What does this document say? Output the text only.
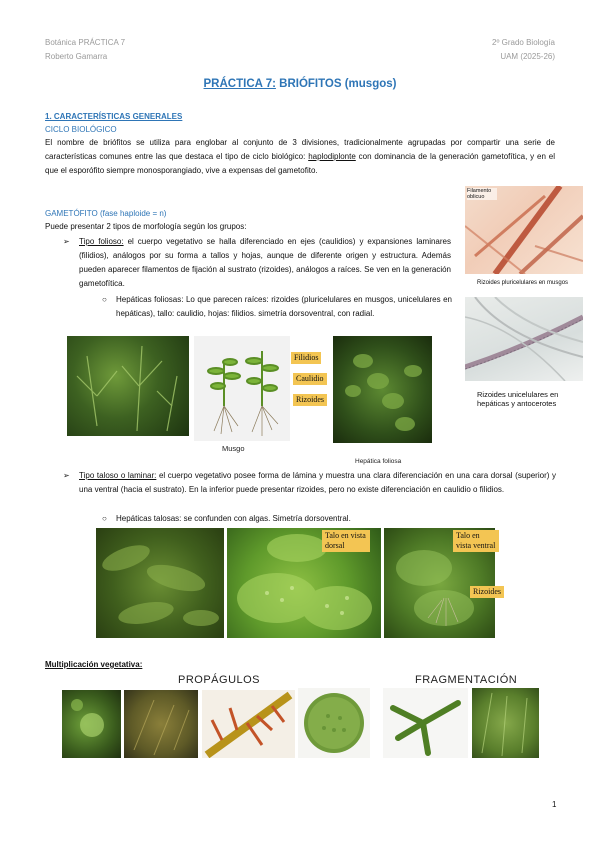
Botánica PRÁCTICA 7
Roberto Gamarra
2º Grado Biología
UAM (2025-26)
PRÁCTICA 7: BRIÓFITOS (musgos)
1. CARACTERÍSTICAS GENERALES
CICLO BIOLÓGICO
El nombre de briófitos se utiliza para englobar al conjunto de 3 divisiones, tradicionalmente agrupadas por compartir una serie de características comunes entre las que destaca el tipo de ciclo biológico: haplodiplonte con dominancia de la generación gametofítica, y en el que el esporófito siempre monosporangiado, vive a expensas del gametofito.
GAMETÓFITO (fase haploide = n)
Puede presentar 2 tipos de morfología según los grupos:
➢ Tipo folioso: el cuerpo vegetativo se halla diferenciado en ejes (caulidios) y expansiones laminares (filidios), análogos por su forma a tallos y hojas, aunque de diferente origen y estructura. Además pueden aparecer filamentos de fijación al sustrato (rizoides), análogos a raíces. Se ven en la generación gametofítica.
○ Hepáticas foliosas: Lo que parecen raíces: rizoides (pluricelulares en musgos, unicelulares en hepáticas), tallo: caulidio, hojas: filidios. simetría dorsoventral, con radial.
Filamento oblicuo
Rizoides pluricelulares en musgos
Rizoides unicelulares en hepáticas y antocerotes
Musgo
Filidios
Caulidio
Rizoides
Hepática foliosa
➢ Tipo taloso o laminar: el cuerpo vegetativo posee forma de lámina y muestra una clara diferenciación en una cara dorsal (superior) y una ventral (hacia el sustrato). En la inferior puede presentar rizoides, pero no existe diferenciación en caulidio o filidios.
○ Hepáticas talosas: se confunden con algas. Simetría dorsoventral.
Talo en vista dorsal
Talo en vista ventral
Rizoides
Multiplicación vegetativa:
PROPÁGULOS	FRAGMENTACIÓN
1
